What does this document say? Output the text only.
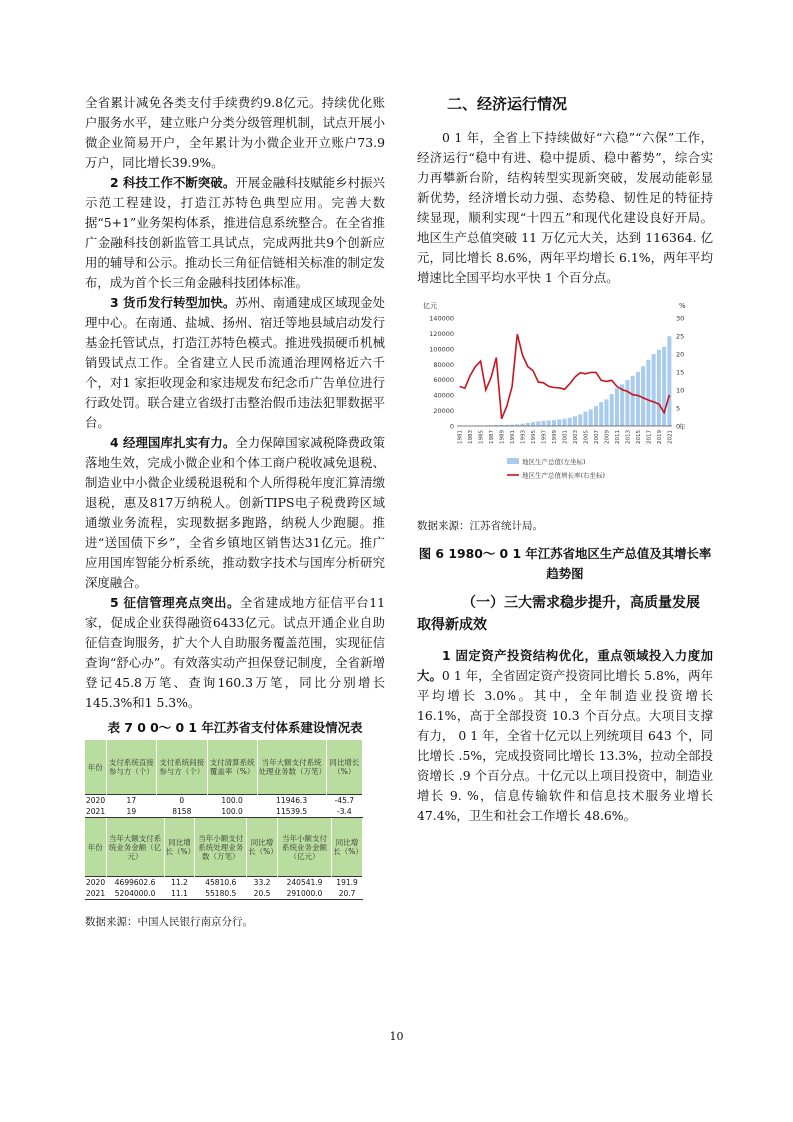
全省累计减免各类支付手续费约9.8亿元。持续优化账户服务水平，建立账户分类分级管理机制，试点开展小微企业简易开户，全年累计为小微企业开立账户73.9万户，同比增长39.9%。

2 科技工作不断突破。开展金融科技赋能乡村振兴示范工程建设，打造江苏特色典型应用。完善大数据“5+1”业务架构体系，推进信息系统整合。在全省推广金融科技创新监管工具试点，完成两批共9个创新应用的辅导和公示。推动长三角征信链相关标准的制定发布，成为首个长三角金融科技团体标准。

3 货币发行转型加快。苏州、南通建成区域现金处理中心。在南通、盐城、扬州、宿迁等地县域启动发行基金托管试点，打造江苏特色模式。推进残损硬币机械销毁试点工作。全省建立人民币流通治理网格近六千个，对1 家拒收现金和家违规发布纪念币广告单位进行行政处罚。联合建立省级打击整治假币违法犯罪数据平台。

4 经理国库扎实有力。全力保障国家减税降费政策落地生效，完成小微企业和个体工商户税收减免退税、制造业中小微企业缓税退税和个人所得税年度汇算清缴退税，惠及817万纳税人。创新TIPS电子税费跨区域通缴业务流程，实现数据多跑路，纳税人少跑腿。推进“送国债下乡”，全省乡镇地区销售达31亿元。推广应用国库智能分析系统，推动数字技术与国库分析研究深度融合。

5 征信管理亮点突出。全省建成地方征信平台11家，促成企业获得融资6433亿元。试点开通企业自助征信查询服务，扩大个人自助服务覆盖范围，实现征信查询“舒心办”。有效落实动产担保登记制度，全省新增登记45.8万笔、查询160.3万笔，同比分别增长145.3%和1 5.3%。

表 7 0 0～ 0 1 年江苏省支付体系建设情况表
年份	支付系统直接参与方（个）	支付系统间接参与方（个）	支付清算系统覆盖率（%）	当年大额支付系统处理业务数（万笔）	同比增长（%）
2020	17	0	100.0	11946.3	-45.7
2021	19	8158	100.0	11539.5	-3.4
年份	当年大额支付系统业务金额（亿元）	同比增长（%）	当年小额支付系统处理业务数（万笔）	同比增长（%）	当年小额支付系统业务金额（亿元）	同比增长（%）
2020	4699602.6	11.2	45810.6	33.2	240541.9	191.9
2021	5204000.0	11.1	55180.5	20.5	291000.0	20.7

数据来源：中国人民银行南京分行。

二、经济运行情况

0 1 年，全省上下持续做好“六稳”“六保”工作，经济运行“稳中有进、稳中提质、稳中蓄势”，综合实力再攀新台阶，结构转型实现新突破，发展动能彰显新优势，经济增长动力强、态势稳、韧性足的特征持续显现，顺利实现“十四五”和现代化建设良好开局。地区生产总值突破 11 万亿元大关，达到 116364. 亿元，同比增长 8.6%，两年平均增长 6.1%，两年平均增速比全国平均水平快 1 个百分点。

亿元	%
0
20000
40000
60000
80000
100000
120000
140000
0
5
10
15
20
25
30
1981 1983 1985 1987 1989 1991 1993 1995 1997 1999 2001 2003 2005 2007 2009 2011 2013 2015 2017 2019 2021
年
地区生产总值(左坐标)
地区生产总值增长率(右坐标)

数据来源：江苏省统计局。

图 6 1980～ 0 1 年江苏省地区生产总值及其增长率趋势图
（一）三大需求稳步提升，高质量发展取得新成效

1 固定资产投资结构优化，重点领域投入力度加大。0 1 年，全省固定资产投资同比增长 5.8%，两年平均增长 3.0%。其中，全年制造业投资增长 16.1%，高于全部投资 10.3 个百分点。大项目支撑有力， 0 1 年，全省十亿元以上列统项目 643 个，同比增长 .5%，完成投资同比增长 13.3%，拉动全部投资增长 .9 个百分点。十亿元以上项目投资中，制造业增长 9. %，信息传输软件和信息技术服务业增长 47.4%，卫生和社会工作增长 48.6%。

10
